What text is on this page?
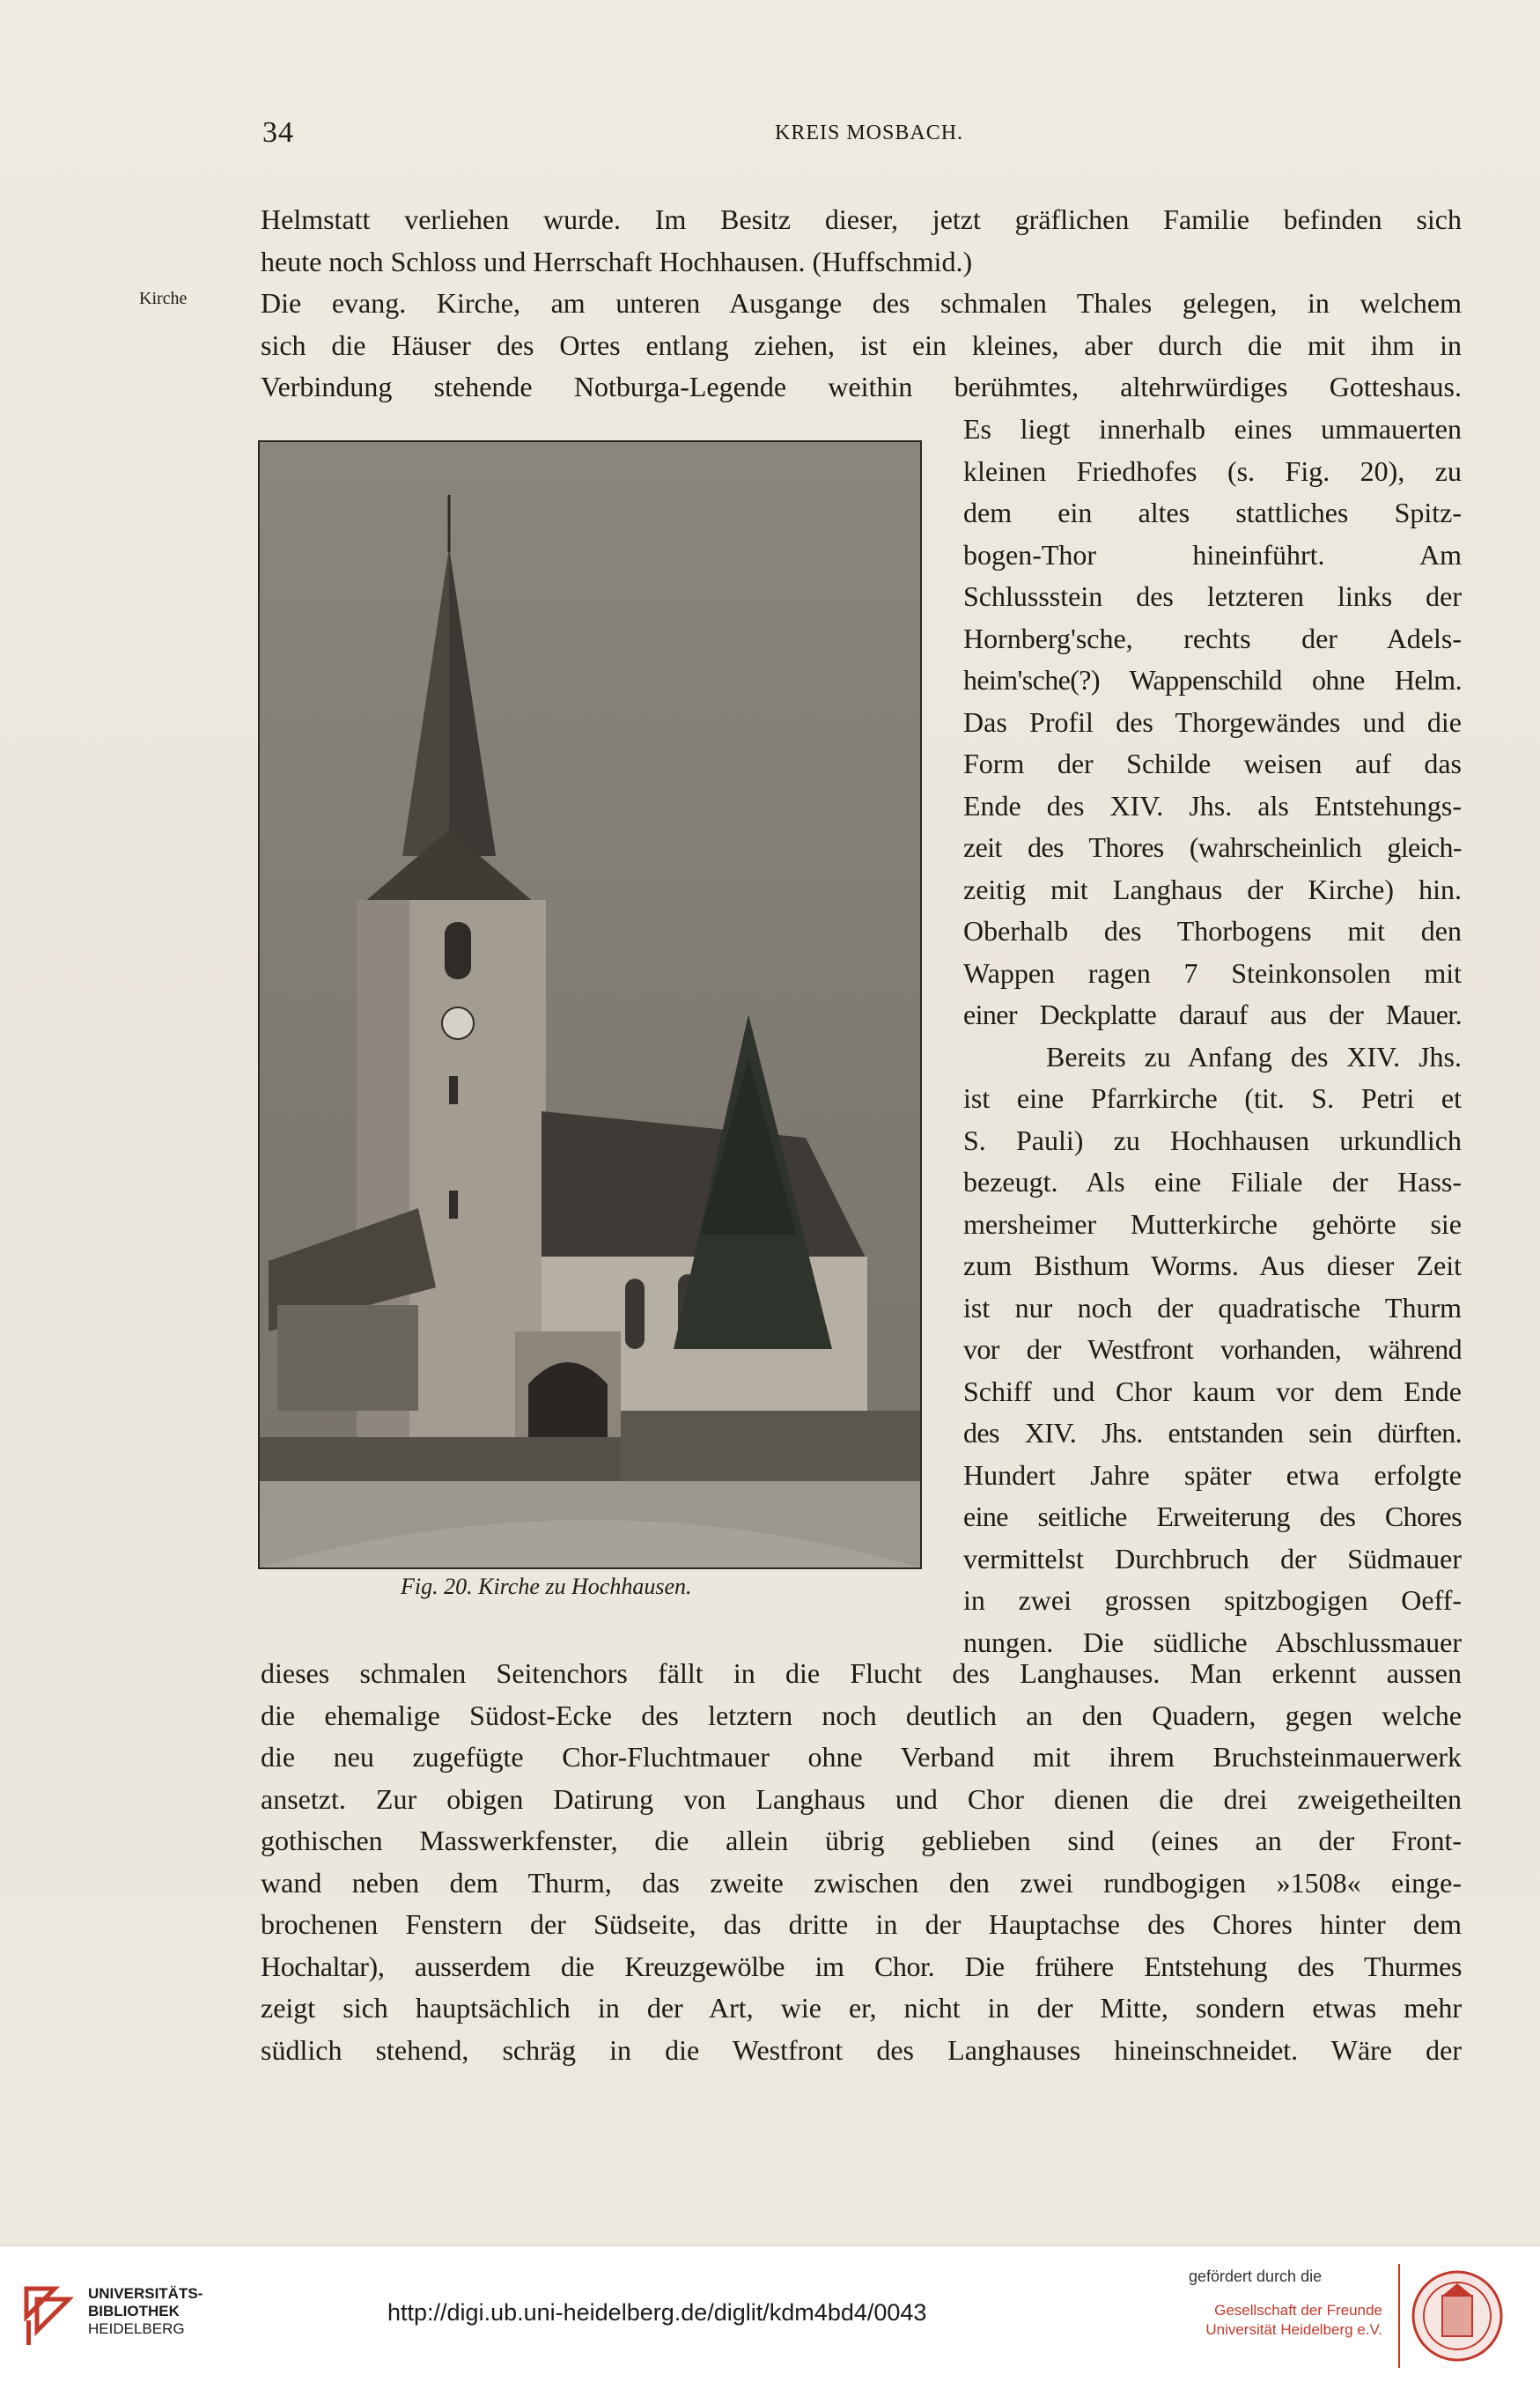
34	KREIS MOSBACH.
Kirche
Helmstatt verliehen wurde. Im Besitz dieser, jetzt gräflichen Familie befinden sich
heute noch Schloss und Herrschaft Hochhausen. (Huffschmid.)
Die evang. Kirche, am unteren Ausgange des schmalen Thales gelegen, in welchem
sich die Häuser des Ortes entlang ziehen, ist ein kleines, aber durch die mit ihm in
Verbindung stehende Notburga-Legende weithin berühmtes, altehrwürdiges Gotteshaus.
Es liegt innerhalb eines ummauerten
kleinen Friedhofes (s. Fig. 20), zu
dem ein altes stattliches Spitz-
bogen-Thor hineinführt. Am
Schlussstein des letzteren links der
Hornberg'sche, rechts der Adels-
heim'sche(?) Wappenschild ohne Helm.
Das Profil des Thorgewändes und die
Form der Schilde weisen auf das
Ende des XIV. Jhs. als Entstehungs-
zeit des Thores (wahrscheinlich gleich-
zeitig mit Langhaus der Kirche) hin.
Oberhalb des Thorbogens mit den
Wappen ragen 7 Steinkonsolen mit
einer Deckplatte darauf aus der Mauer.
Bereits zu Anfang des XIV. Jhs.
ist eine Pfarrkirche (tit. S. Petri et
S. Pauli) zu Hochhausen urkundlich
bezeugt. Als eine Filiale der Hass-
mersheimer Mutterkirche gehörte sie
zum Bisthum Worms. Aus dieser Zeit
ist nur noch der quadratische Thurm
vor der Westfront vorhanden, während
Schiff und Chor kaum vor dem Ende
des XIV. Jhs. entstanden sein dürften.
Hundert Jahre später etwa erfolgte
eine seitliche Erweiterung des Chores
vermittelst Durchbruch der Südmauer
in zwei grossen spitzbogigen Oeff-
nungen. Die südliche Abschlussmauer
Fig. 20. Kirche zu Hochhausen.
dieses schmalen Seitenchors fällt in die Flucht des Langhauses. Man erkennt aussen
die ehemalige Südost-Ecke des letztern noch deutlich an den Quadern, gegen welche
die neu zugefügte Chor-Fluchtmauer ohne Verband mit ihrem Bruchsteinmauerwerk
ansetzt. Zur obigen Datirung von Langhaus und Chor dienen die drei zweigetheilten
gothischen Masswerkfenster, die allein übrig geblieben sind (eines an der Front-
wand neben dem Thurm, das zweite zwischen den zwei rundbogigen »1508« einge-
brochenen Fenstern der Südseite, das dritte in der Hauptachse des Chores hinter dem
Hochaltar), ausserdem die Kreuzgewölbe im Chor. Die frühere Entstehung des Thurmes
zeigt sich hauptsächlich in der Art, wie er, nicht in der Mitte, sondern etwas mehr
südlich stehend, schräg in die Westfront des Langhauses hineinschneidet. Wäre der
UNIVERSITÄTS-
BIBLIOTHEK
HEIDELBERG
http://digi.ub.uni-heidelberg.de/diglit/kdm4bd4/0043
gefördert durch die
Gesellschaft der Freunde
Universität Heidelberg e.V.
